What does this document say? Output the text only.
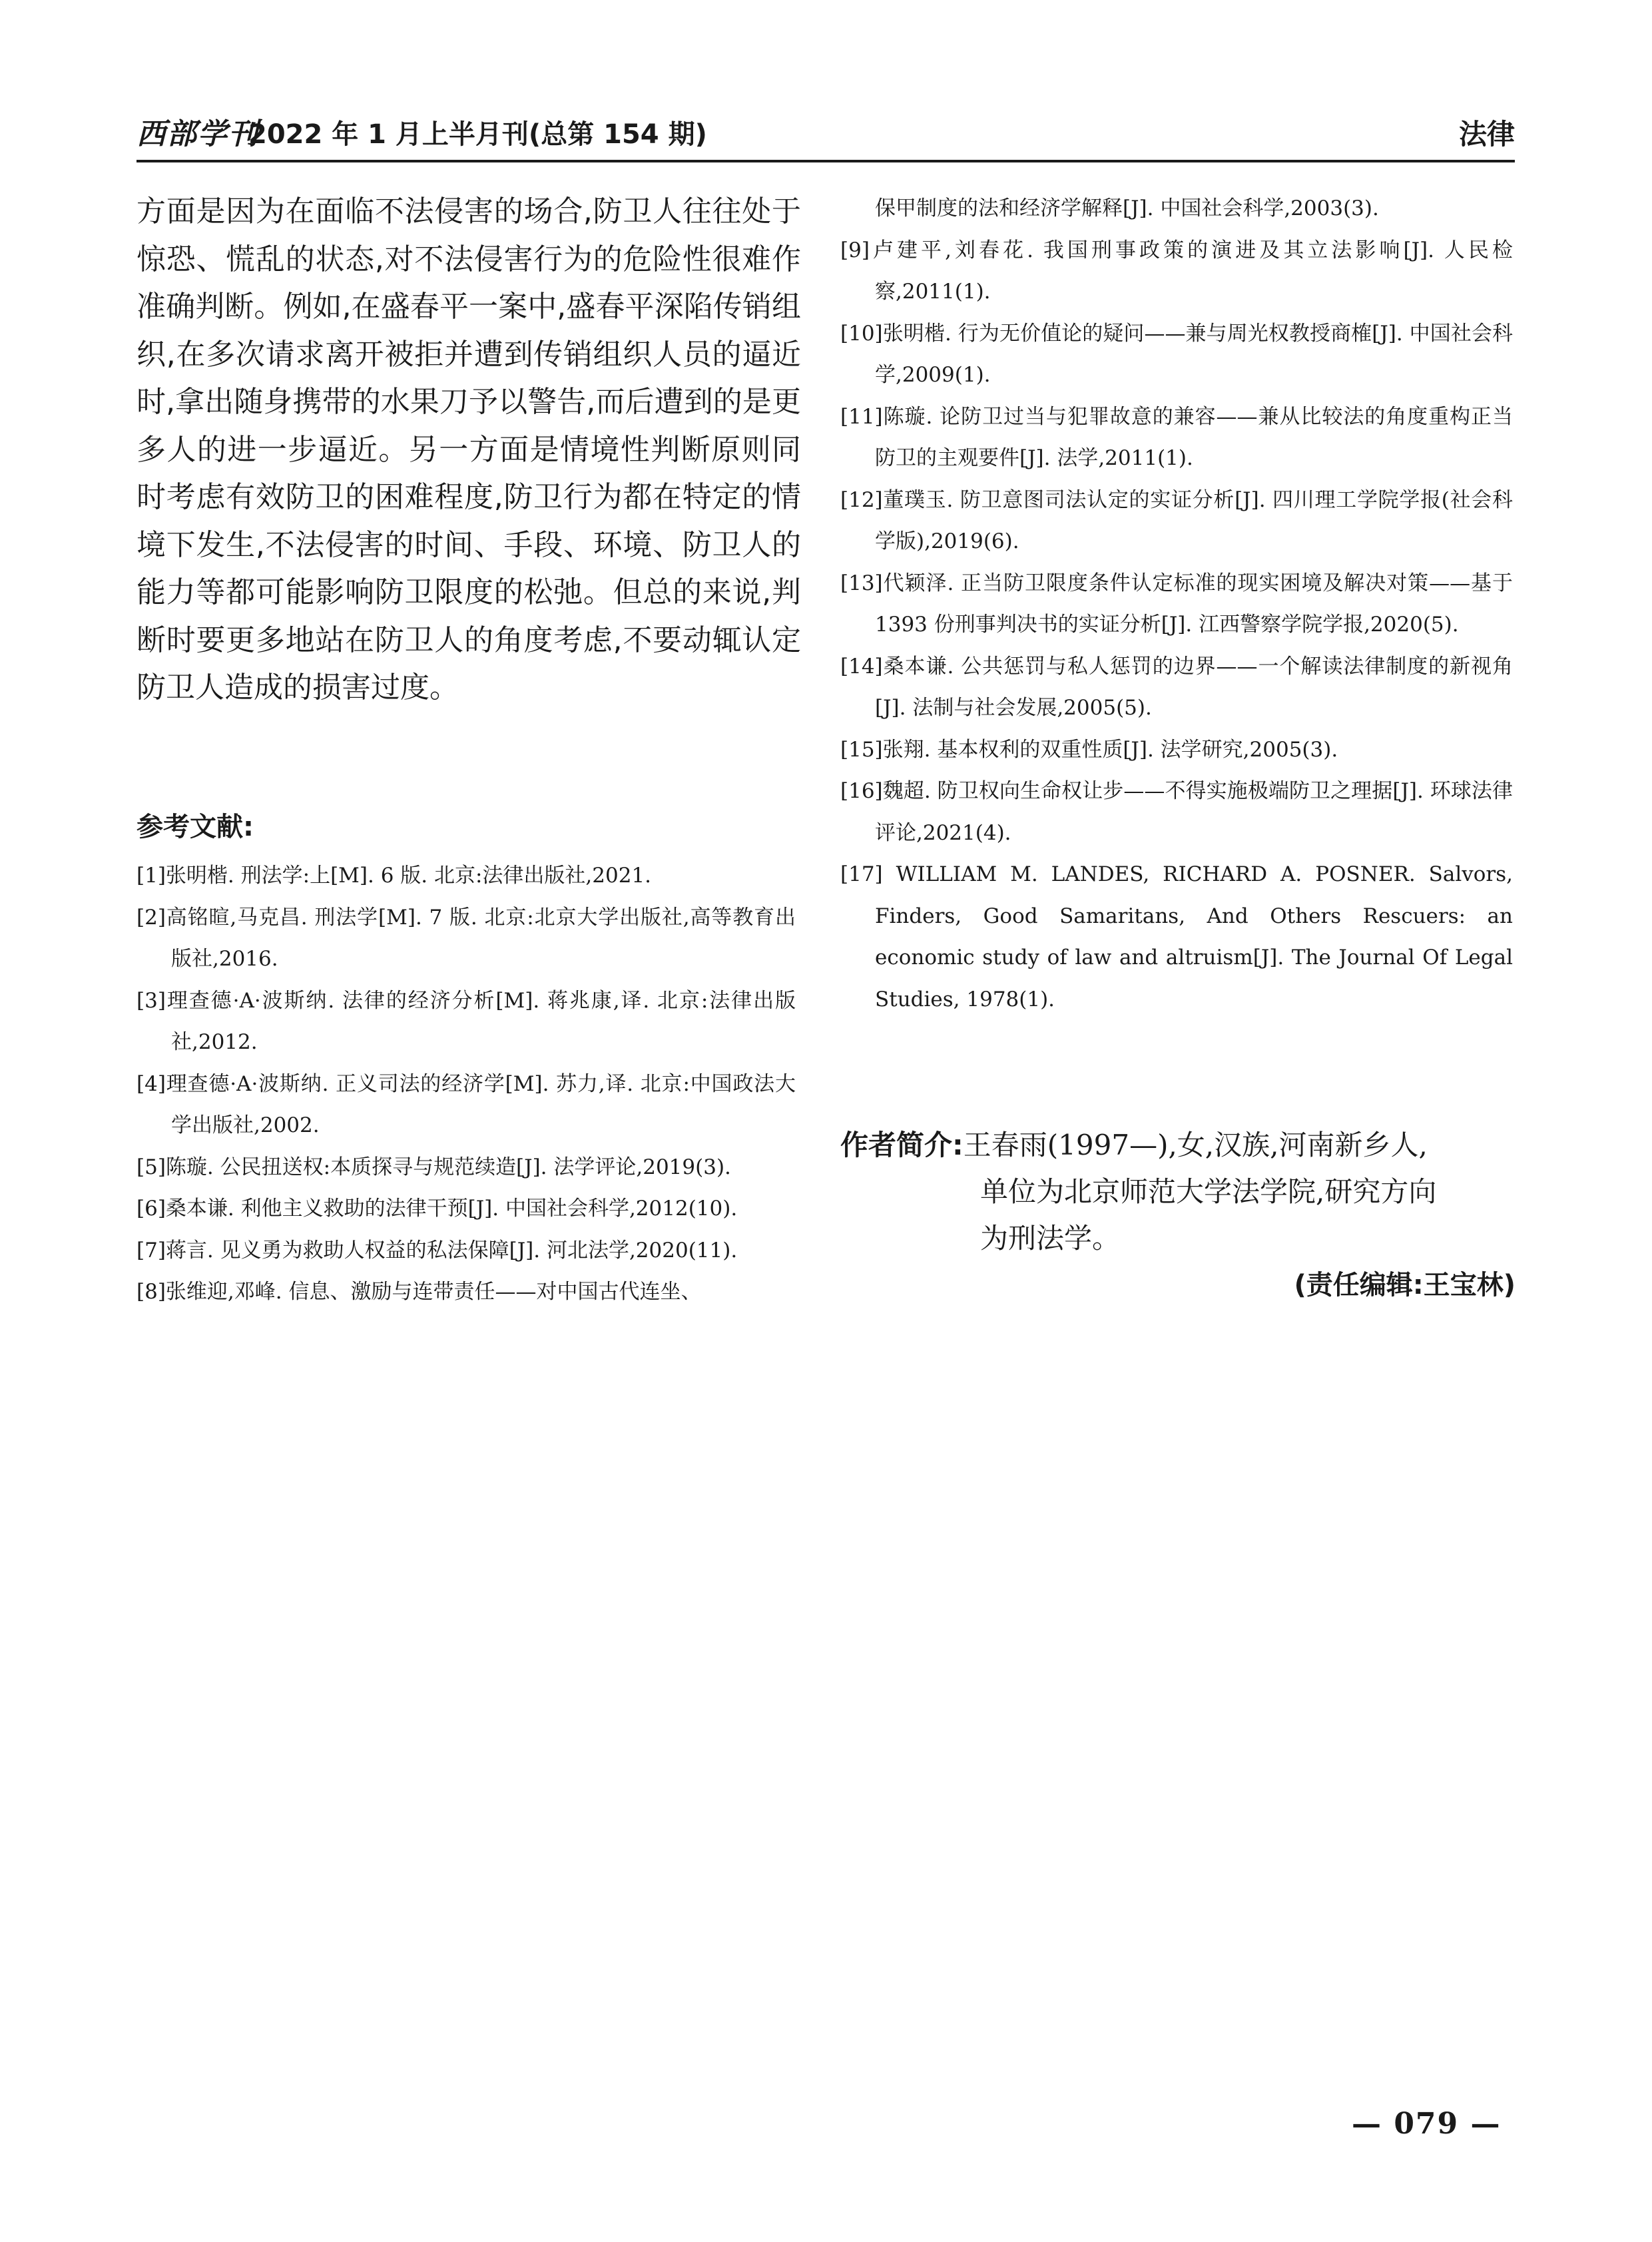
西部学刊
2022 年 1 月上半月刊(总第 154 期)	法律

方面是因为在面临不法侵害的场合,防卫人往往处于惊恐、慌乱的状态,对不法侵害行为的危险性很难作准确判断。例如,在盛春平一案中,盛春平深陷传销组织,在多次请求离开被拒并遭到传销组织人员的逼近时,拿出随身携带的水果刀予以警告,而后遭到的是更多人的进一步逼近。另一方面是情境性判断原则同时考虑有效防卫的困难程度,防卫行为都在特定的情境下发生,不法侵害的时间、手段、环境、防卫人的能力等都可能影响防卫限度的松弛。但总的来说,判断时要更多地站在防卫人的角度考虑,不要动辄认定防卫人造成的损害过度。

参考文献:
[1]张明楷. 刑法学:上[M]. 6 版. 北京:法律出版社,2021.
[2]高铭暄,马克昌. 刑法学[M]. 7 版. 北京:北京大学出版社,高等教育出版社,2016.
[3]理查德·A·波斯纳. 法律的经济分析[M]. 蒋兆康,译. 北京:法律出版社,2012.
[4]理查德·A·波斯纳. 正义司法的经济学[M]. 苏力,译. 北京:中国政法大学出版社,2002.
[5]陈璇. 公民扭送权:本质探寻与规范续造[J]. 法学评论,2019(3).
[6]桑本谦. 利他主义救助的法律干预[J]. 中国社会科学,2012(10).
[7]蒋言. 见义勇为救助人权益的私法保障[J]. 河北法学,2020(11).
[8]张维迎,邓峰. 信息、激励与连带责任——对中国古代连坐、
保甲制度的法和经济学解释[J]. 中国社会科学,2003(3).
[9]卢建平,刘春花. 我国刑事政策的演进及其立法影响[J]. 人民检察,2011(1).
[10]张明楷. 行为无价值论的疑问——兼与周光权教授商榷[J]. 中国社会科学,2009(1).
[11]陈璇. 论防卫过当与犯罪故意的兼容——兼从比较法的角度重构正当防卫的主观要件[J]. 法学,2011(1).
[12]董璞玉. 防卫意图司法认定的实证分析[J]. 四川理工学院学报(社会科学版),2019(6).
[13]代颖泽. 正当防卫限度条件认定标准的现实困境及解决对策——基于 1393 份刑事判决书的实证分析[J]. 江西警察学院学报,2020(5).
[14]桑本谦. 公共惩罚与私人惩罚的边界——一个解读法律制度的新视角[J]. 法制与社会发展,2005(5).
[15]张翔. 基本权利的双重性质[J]. 法学研究,2005(3).
[16]魏超. 防卫权向生命权让步——不得实施极端防卫之理据[J]. 环球法律评论,2021(4).
[17] WILLIAM M. LANDES, RICHARD A. POSNER. Salvors, Finders, Good Samaritans, And Others Rescuers: an economic study of law and altruism[J]. The Journal Of Legal Studies, 1978(1).
作者简介:王春雨(1997—),女,汉族,河南新乡人,
单位为北京师范大学法学院,研究方向
为刑法学。
(责任编辑:王宝林)
— 079 —
